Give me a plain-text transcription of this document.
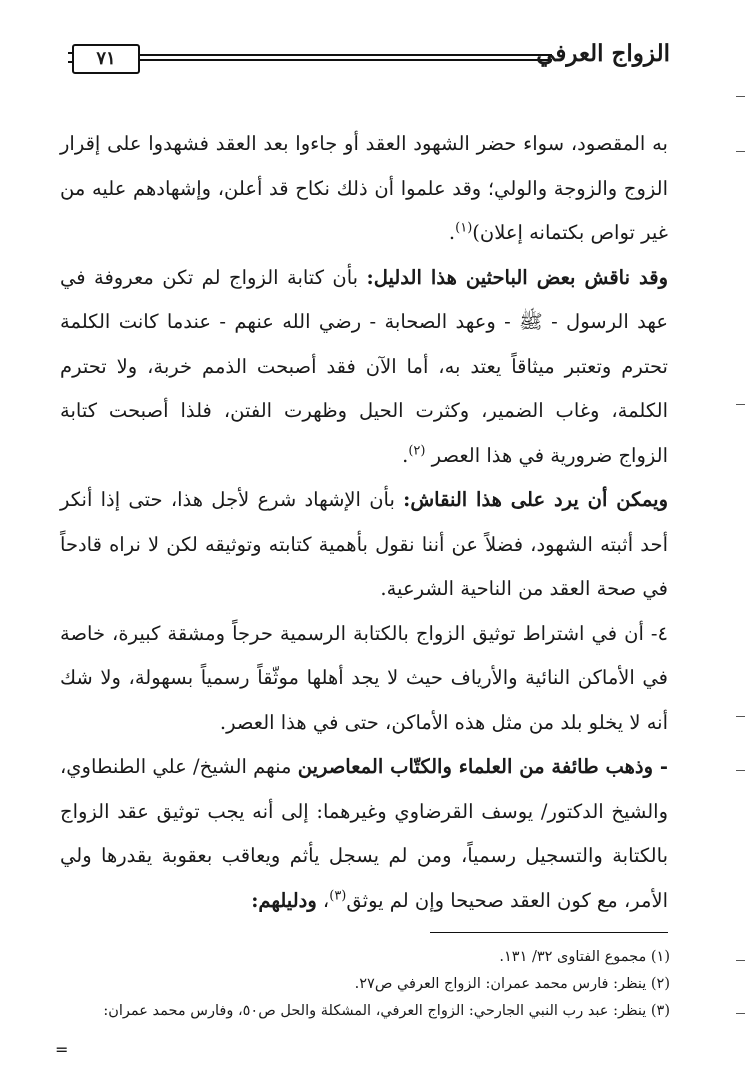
٧١	الزواج العرفي

به المقصود، سواء حضر الشهود العقد أو جاءوا بعد العقد فشهدوا على إقرار الزوج والزوجة والولي؛ وقد علموا أن ذلك نكاح قد أعلن، وإشهادهم عليه من غير تواص بكتمانه إعلان)$^{(١)}$.

وقد ناقش بعض الباحثين هذا الدليل: بأن كتابة الزواج لم تكن معروفة في عهد الرسول - ﷺ - وعهد الصحابة - رضي الله عنهم - عندما كانت الكلمة تحترم وتعتبر ميثاقاً يعتد به، أما الآن فقد أصبحت الذمم خربة، ولا تحترم الكلمة، وغاب الضمير، وكثرت الحيل وظهرت الفتن، فلذا أصبحت كتابة الزواج ضرورية في هذا العصر $^{(٢)}$.

ويمكن أن يرد على هذا النقاش: بأن الإشهاد شرع لأجل هذا، حتى إذا أنكر أحد أثبته الشهود، فضلاً عن أننا نقول بأهمية كتابته وتوثيقه لكن لا نراه قادحاً في صحة العقد من الناحية الشرعية.

٤- أن في اشتراط توثيق الزواج بالكتابة الرسمية حرجاً ومشقة كبيرة، خاصة في الأماكن النائية والأرياف حيث لا يجد أهلها موثّقاً رسمياً بسهولة، ولا شك أنه لا يخلو بلد من مثل هذه الأماكن، حتى في هذا العصر.

- وذهب طائفة من العلماء والكتّاب المعاصرين منهم الشيخ/ علي الطنطاوي، والشيخ الدكتور/ يوسف القرضاوي وغيرهما: إلى أنه يجب توثيق عقد الزواج بالكتابة والتسجيل رسمياً، ومن لم يسجل يأثم ويعاقب بعقوبة يقدرها ولي الأمر، مع كون العقد صحيحا وإن لم يوثق$^{(٣)}$، ودليلهم:

(١) مجموع الفتاوى ٣٢/ ١٣١.

(٢) ينظر: فارس محمد عمران: الزواج العرفي ص٢٧.

(٣) ينظر: عبد رب النبي الجارحي: الزواج العرفي، المشكلة والحل ص٥٠، وفارس محمد عمران:

=
